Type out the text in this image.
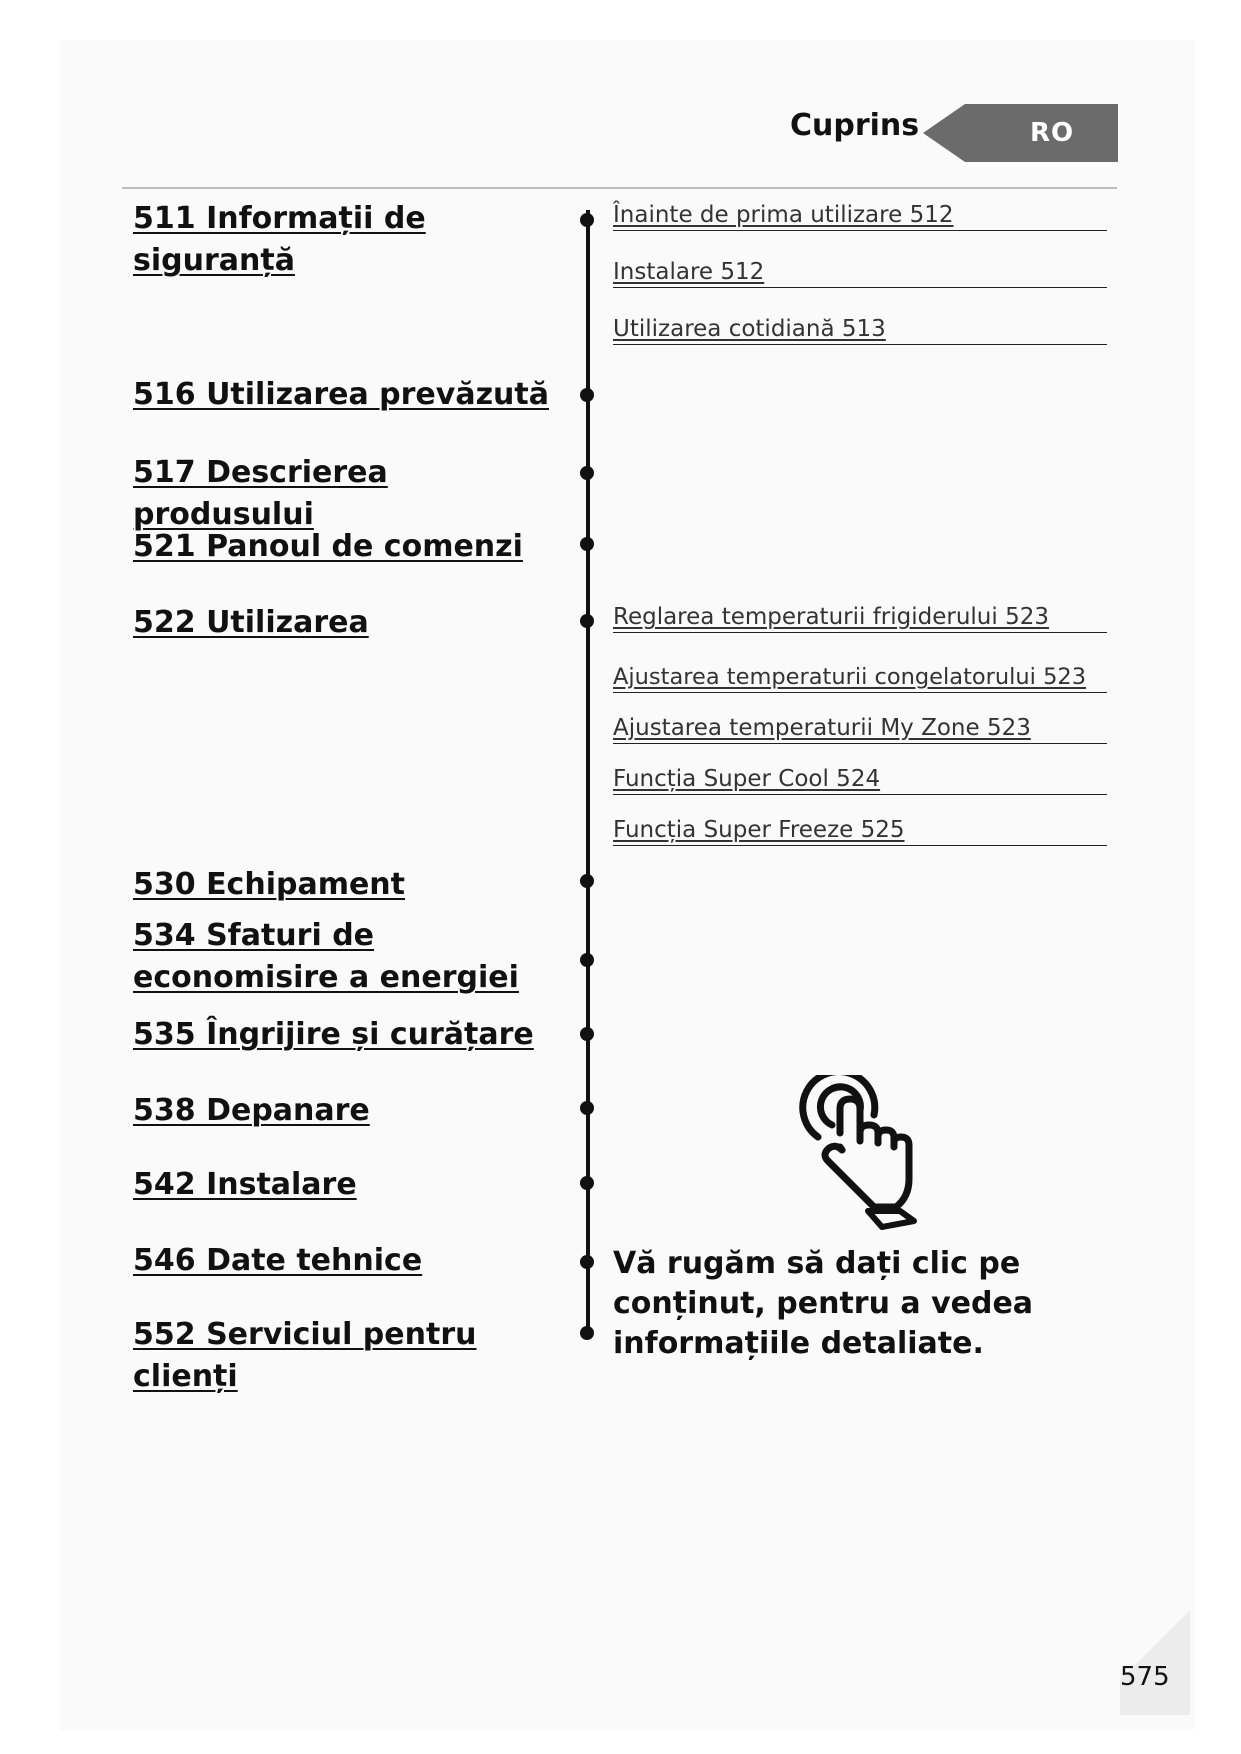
Cuprins	RO
511 Informații de siguranță
516 Utilizarea prevăzută
517 Descrierea produsului
521 Panoul de comenzi
522 Utilizarea
530 Echipament
534 Sfaturi de economisire a energiei
535 Îngrijire și curățare
538 Depanare
542 Instalare
546 Date tehnice
552 Serviciul pentru clienți
Înainte de prima utilizare 512
Instalare 512
Utilizarea cotidiană 513
Reglarea temperaturii frigiderului 523
Ajustarea temperaturii congelatorului 523
Ajustarea temperaturii My Zone 523
Funcția Super Cool 524
Funcția Super Freeze 525
Vă rugăm să dați clic pe conținut, pentru a vedea informațiile detaliate.
575
